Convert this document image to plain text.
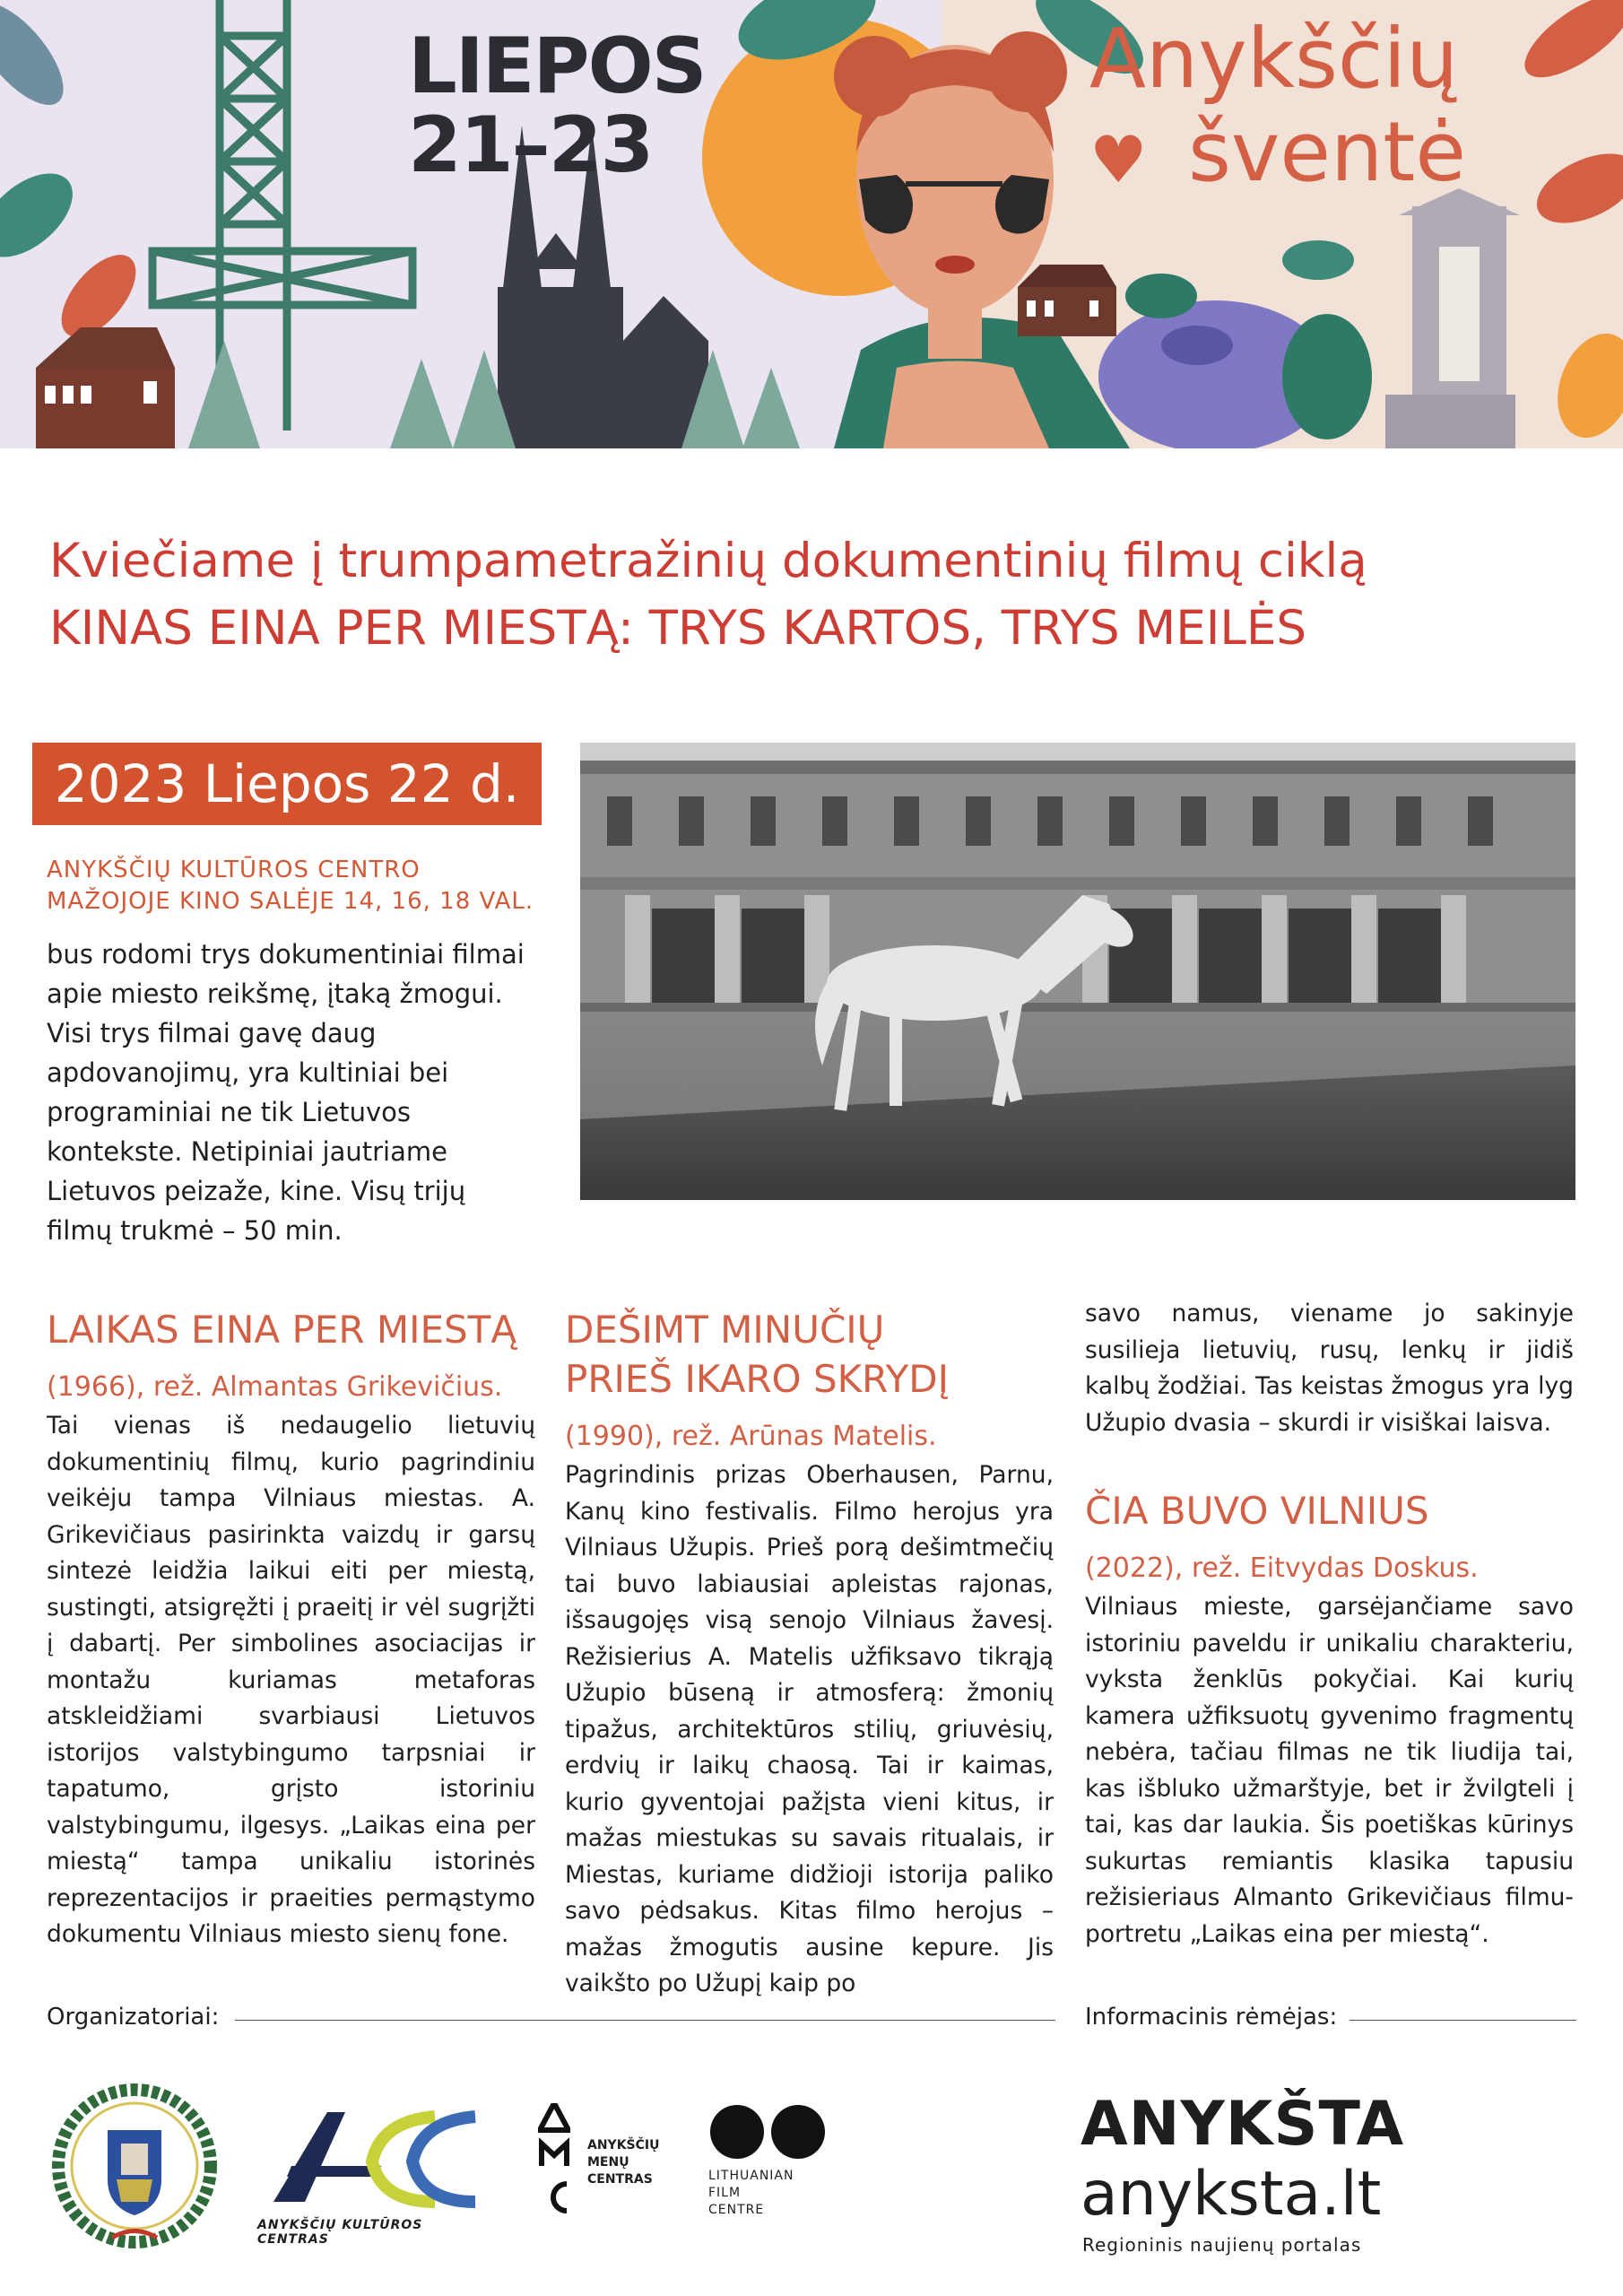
LIEPOS
21–23
Anykščių
♥ šventė
Kviečiame į trumpametražinių dokumentinių filmų ciklą
KINAS EINA PER MIESTĄ: TRYS KARTOS, TRYS MEILĖS
2023 Liepos 22 d.
ANYKŠČIŲ KULTŪROS CENTRO MAŽOJOJE KINO SALĖJE 14, 16, 18 VAL.
bus rodomi trys dokumentiniai filmai apie miesto reikšmę, įtaką žmogui. Visi trys filmai gavę daug apdovanojimų, yra kultiniai bei programiniai ne tik Lietuvos kontekste. Netipiniai jautriame Lietuvos peizaže, kine. Visų trijų filmų trukmė – 50 min.
LAIKAS EINA PER MIESTĄ
(1966), rež. Almantas Grikevičius.
Tai vienas iš nedaugelio lietuvių dokumentinių filmų, kurio pagrindiniu veikėju tampa Vilniaus miestas. A. Grikevičiaus pasirinkta vaizdų ir garsų sintezė leidžia laikui eiti per miestą, sustingti, atsigręžti į praeitį ir vėl sugrįžti į dabartį. Per simbolines asociacijas ir montažu kuriamas metaforas atskleidžiami svarbiausi Lietuvos istorijos valstybingumo tarpsniai ir tapatumo, grįsto istoriniu valstybingumu, ilgesys. „Laikas eina per miestą“ tampa unikaliu istorinės reprezentacijos ir praeities permąstymo dokumentu Vilniaus miesto sienų fone.
DEŠIMT MINUČIŲ
PRIEŠ IKARO SKRYDĮ
(1990), rež. Arūnas Matelis.
Pagrindinis prizas Oberhausen, Parnu, Kanų kino festivalis. Filmo herojus yra Vilniaus Užupis. Prieš porą dešimtmečių tai buvo labiausiai apleistas rajonas, išsaugojęs visą senojo Vilniaus žavesį. Režisierius A. Matelis užfiksavo tikrąją Užupio būseną ir atmosferą: žmonių tipažus, architektūros stilių, griuvėsių, erdvių ir laikų chaosą. Tai ir kaimas, kurio gyventojai pažįsta vieni kitus, ir mažas miestukas su savais ritualais, ir Miestas, kuriame didžioji istorija paliko savo pėdsakus. Kitas filmo herojus – mažas žmogutis ausine kepure. Jis vaikšto po Užupį kaip po
savo namus, viename jo sakinyje susilieja lietuvių, rusų, lenkų ir jidiš kalbų žodžiai. Tas keistas žmogus yra lyg Užupio dvasia – skurdi ir visiškai laisva.
ČIA BUVO VILNIUS
(2022), rež. Eitvydas Doskus.
Vilniaus mieste, garsėjančiame savo istoriniu paveldu ir unikaliu charakteriu, vyksta ženklūs pokyčiai. Kai kurių kamera užfiksuotų gyvenimo fragmentų nebėra, tačiau filmas ne tik liudija tai, kas išbluko užmarštyje, bet ir žvilgteli į tai, kas dar laukia. Šis poetiškas kūrinys sukurtas remiantis klasika tapusiu režisieriaus Almanto Grikevičiaus filmu-portretu „Laikas eina per miestą“.
Organizatoriai:	Informacinis rėmėjas:
ANYKŠČIŲ KULTŪROS CENTRAS
ANYKŠČIŲ
MENŲ
CENTRAS	LITHUANIAN
FILM
CENTRE
ANYKŠTA
anyksta.lt
Regioninis naujienų portalas
